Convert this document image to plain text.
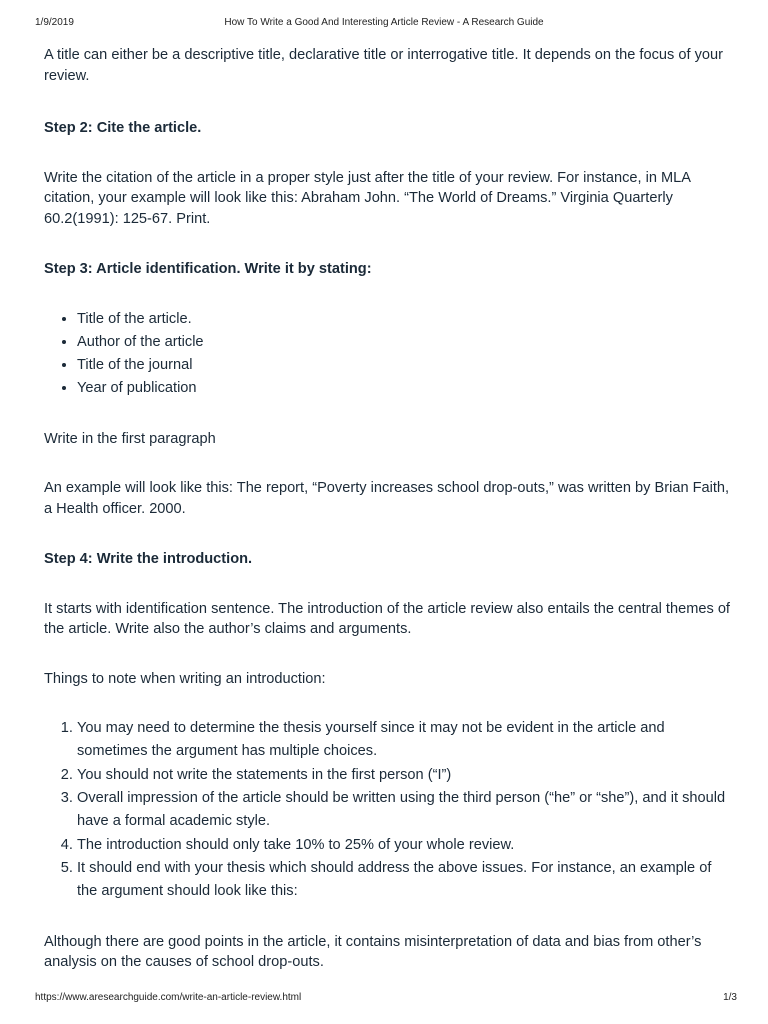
1/9/2019	How To Write a Good And Interesting Article Review - A Research Guide

A title can either be a descriptive title, declarative title or interrogative title. It depends on the focus of your review.

Step 2: Cite the article.

Write the citation of the article in a proper style just after the title of your review. For instance, in MLA citation, your example will look like this: Abraham John. “The World of Dreams.” Virginia Quarterly 60.2(1991): 125-67. Print.

Step 3: Article identification. Write it by stating:

• Title of the article.
• Author of the article
• Title of the journal
• Year of publication

Write in the first paragraph

An example will look like this: The report, “Poverty increases school drop-outs,” was written by Brian Faith, a Health officer. 2000.

Step 4: Write the introduction.

It starts with identification sentence. The introduction of the article review also entails the central themes of the article. Write also the author’s claims and arguments.

Things to note when writing an introduction:

1. You may need to determine the thesis yourself since it may not be evident in the article and sometimes the argument has multiple choices.
2. You should not write the statements in the first person (“I”)
3. Overall impression of the article should be written using the third person (“he” or “she”), and it should have a formal academic style.
4. The introduction should only take 10% to 25% of your whole review.
5. It should end with your thesis which should address the above issues. For instance, an example of the argument should look like this:

Although there are good points in the article, it contains misinterpretation of data and bias from other’s analysis on the causes of school drop-outs.

https://www.aresearchguide.com/write-an-article-review.html	1/3
